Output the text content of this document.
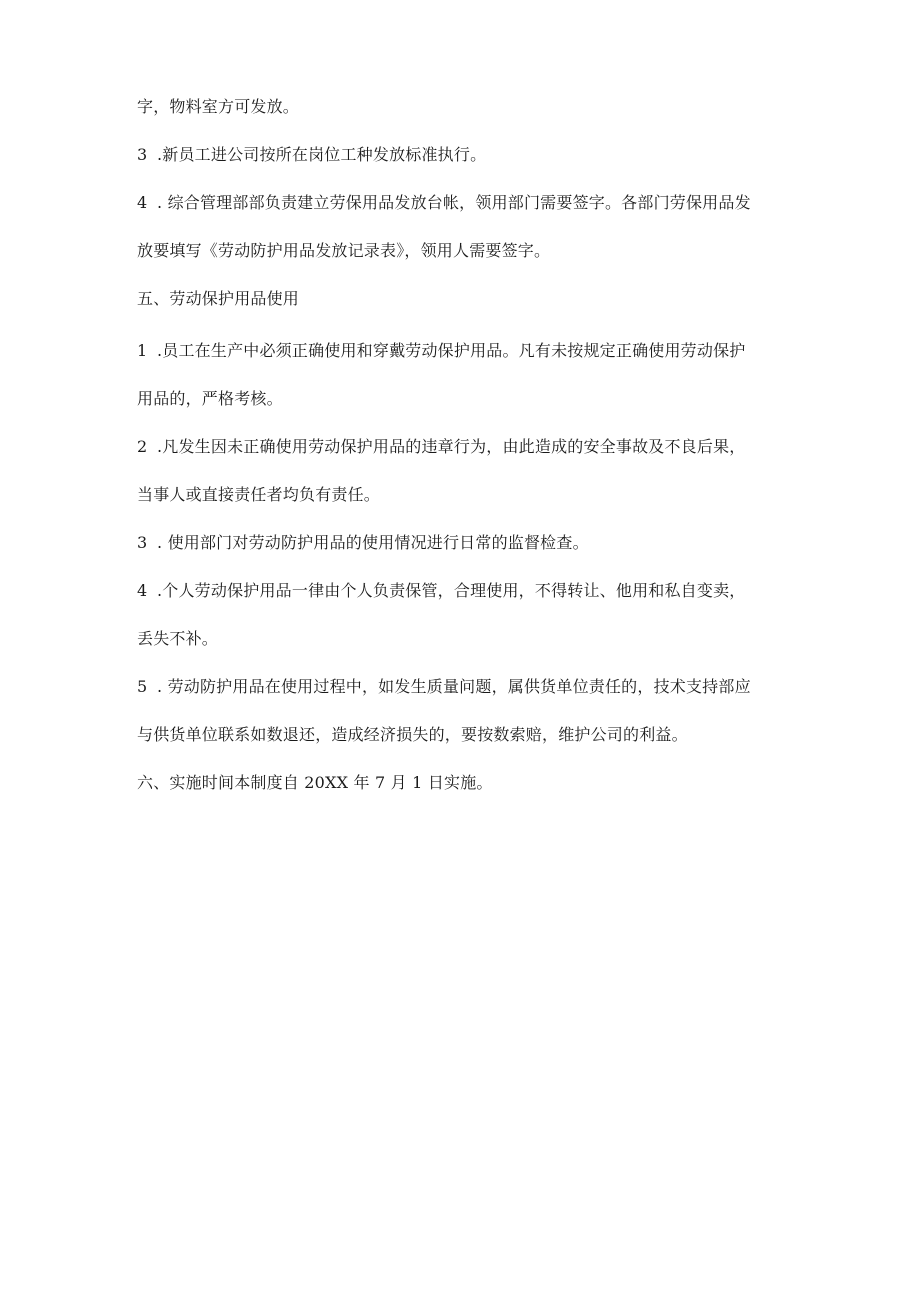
字，物料室方可发放。
3 .新员工进公司按所在岗位工种发放标准执行。
4 . 综合管理部部负责建立劳保用品发放台帐，领用部门需要签字。各部门劳保用品发
放要填写《劳动防护用品发放记录表》，领用人需要签字。
五、劳动保护用品使用
1 .员工在生产中必须正确使用和穿戴劳动保护用品。凡有未按规定正确使用劳动保护
用品的，严格考核。
2 .凡发生因未正确使用劳动保护用品的违章行为，由此造成的安全事故及不良后果，
当事人或直接责任者均负有责任。
3 . 使用部门对劳动防护用品的使用情况进行日常的监督检查。
4 .个人劳动保护用品一律由个人负责保管，合理使用，不得转让、他用和私自变卖，
丢失不补。
5 . 劳动防护用品在使用过程中，如发生质量问题，属供货单位责任的，技术支持部应
与供货单位联系如数退还，造成经济损失的，要按数索赔，维护公司的利益。
六、实施时间本制度自 20XX 年 7 月 1 日实施。
